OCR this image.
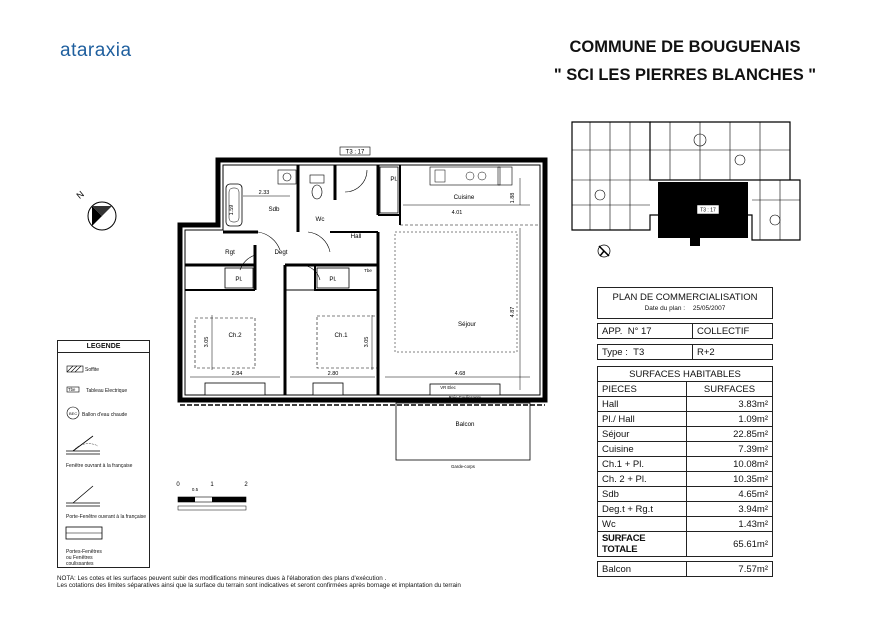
ataraxia	COMMUNE DE BOUGUENAIS
" SCI LES PIERRES BLANCHES "
N
T3 : 17
Sdb
Wc
Cuisine
Hall
Rgt	Degt
Pl.	Pl.
Pl.
Ch.2	Ch.1
Séjour
Balcon
Tbe
2.33
1.59	4.01
1.88
4.87
3.05	3.05
2.84	2.80	4.68
VR Elec
Baie Coulissante
Garde-corps
0
0.5
1	2
T3 : 17
LEGENDE
Soffite
Tbe Tableau Electrique
BEC Ballon d'eau chaude
Fenêtre ouvrant à la française
Porte-Fenêtre ouvrant à la française
Portes-Fenêtres ou Fenêtres coulissantes
PLAN DE COMMERCIALISATION
Date du plan : 25/05/2007
APP. N° 17	COLLECTIF
Type : T3	R+2
SURFACES HABITABLES	
PIECES	SURFACES
Hall	3.83m²
Pl./ Hall	1.09m²
Séjour	22.85m²
Cuisine	7.39m²
Ch.1 + Pl.	10.08m²
Ch. 2 + Pl.	10.35m²
Sdb	4.65m²
Deg.t + Rg.t	3.94m²
Wc	1.43m²
SURFACE TOTALE	65.61m²
Balcon	7.57m²
NOTA: Les cotes et les surfaces peuvent subir des modifications mineures dues à l'élaboration des plans d'exécution .
Les cotations des limites séparatives ainsi que la surface du terrain sont indicatives et seront confirmées après bornage et implantation du terrain
